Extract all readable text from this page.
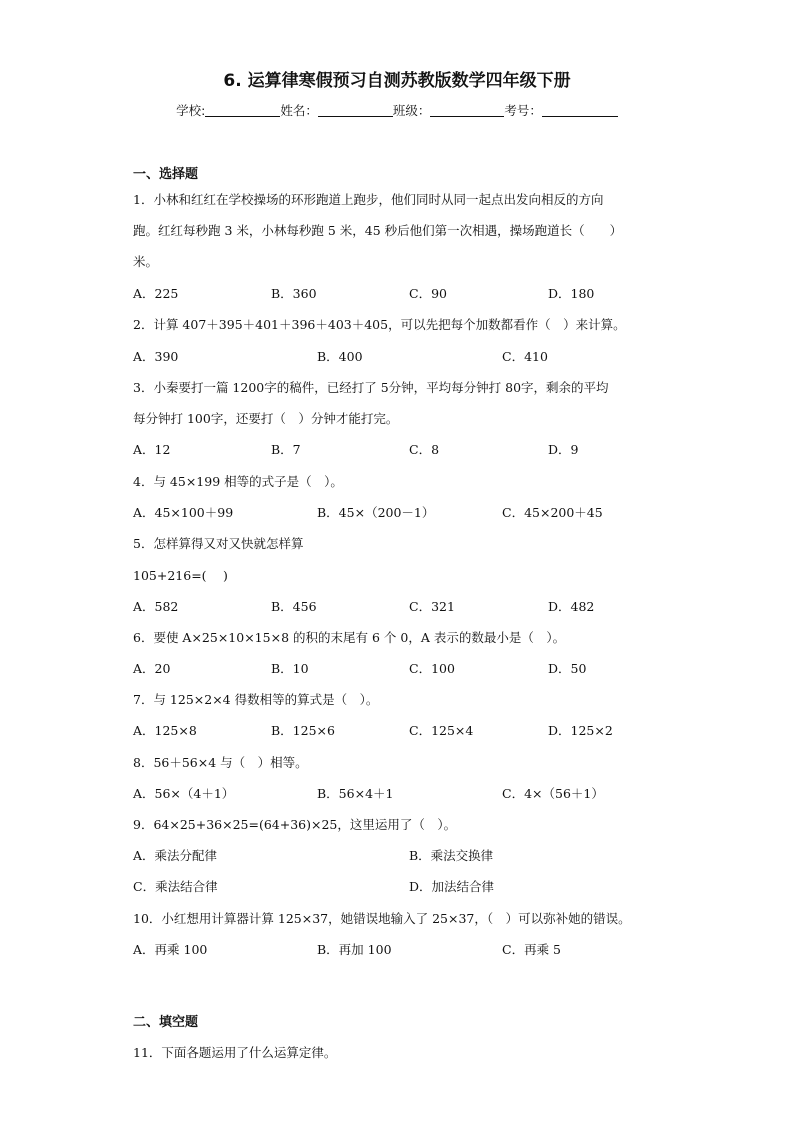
6. 运算律寒假预习自测苏教版数学四年级下册
学校:	姓名：	班级：	考号：
一、选择题
1．小林和红红在学校操场的环形跑道上跑步，他们同时从同一起点出发向相反的方向
跑。红红每秒跑 3 米，小林每秒跑 5 米，45 秒后他们第一次相遇，操场跑道长（　　）
米。
A．225	B．360	C．90	D．180
2．计算 407＋395＋401＋396＋403＋405，可以先把每个加数都看作（　）来计算。
A．390	B．400	C．410
3．小秦要打一篇 1200字的稿件，已经打了 5分钟，平均每分钟打 80字，剩余的平均
每分钟打 100字，还要打（　）分钟才能打完。
A．12	B．7	C．8	D．9
4．与 45×199 相等的式子是（　）。
A．45×100＋99	B．45×（200－1）	C．45×200＋45
5．怎样算得又对又快就怎样算
105+216=(　 )
A．582	B．456	C．321	D．482
6．要使 A×25×10×15×8 的积的末尾有 6 个 0，A 表示的数最小是（　）。
A．20	B．10	C．100	D．50
7．与 125×2×4 得数相等的算式是（　）。
A．125×8	B．125×6	C．125×4	D．125×2
8．56＋56×4 与（　）相等。
A．56×（4＋1）	B．56×4＋1	C．4×（56＋1）
9．64×25+36×25=(64+36)×25，这里运用了（　）。
A．乘法分配律	B．乘法交换律
C．乘法结合律	D．加法结合律
10．小红想用计算器计算 125×37，她错误地输入了 25×37，（　）可以弥补她的错误。
A．再乘 100	B．再加 100	C．再乘 5
二、填空题
11．下面各题运用了什么运算定律。
